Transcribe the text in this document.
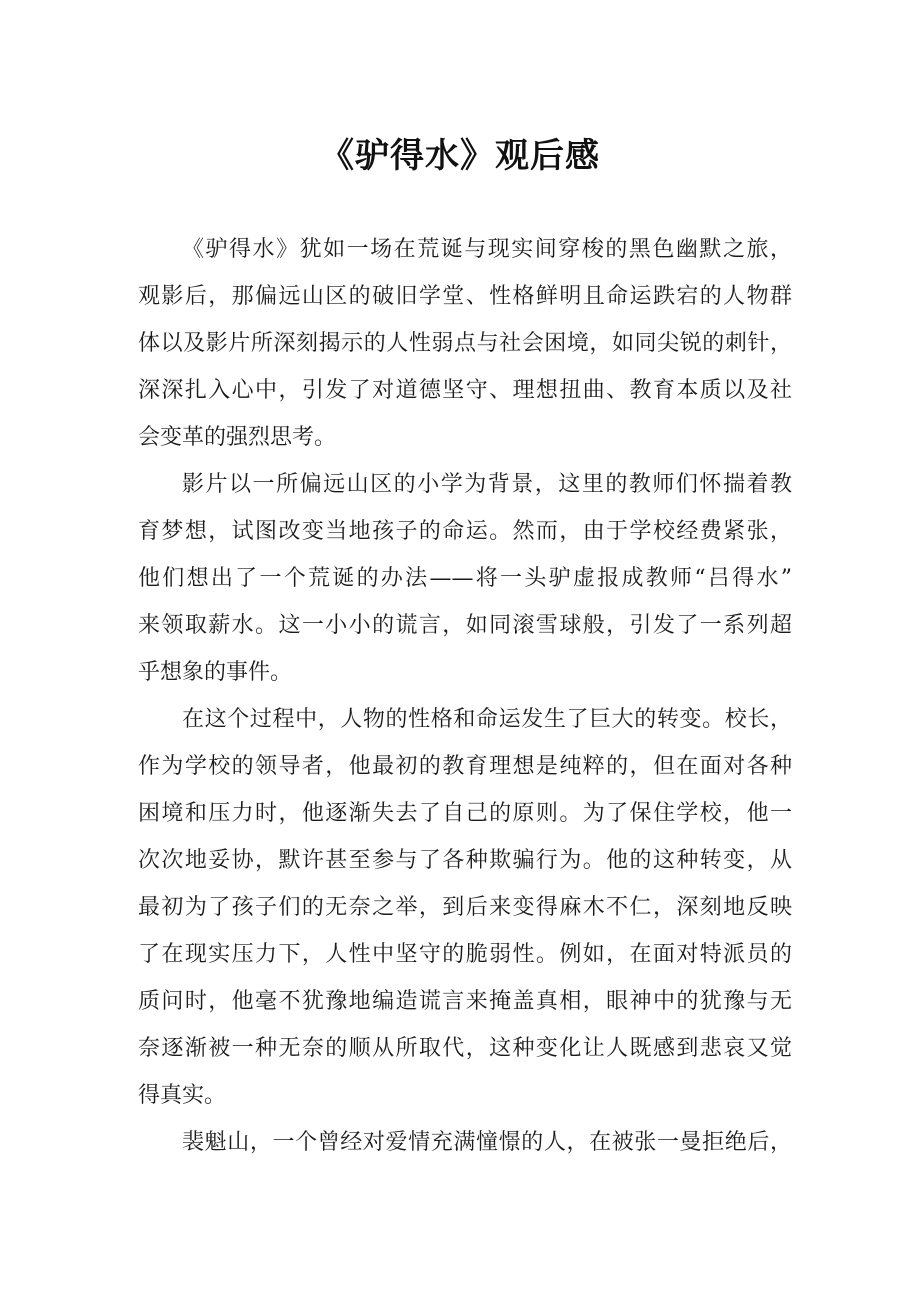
《驴得水》观后感
《驴得水》犹如一场在荒诞与现实间穿梭的黑色幽默之旅，
观影后，那偏远山区的破旧学堂、性格鲜明且命运跌宕的人物群
体以及影片所深刻揭示的人性弱点与社会困境，如同尖锐的刺针，
深深扎入心中，引发了对道德坚守、理想扭曲、教育本质以及社
会变革的强烈思考。
影片以一所偏远山区的小学为背景，这里的教师们怀揣着教
育梦想，试图改变当地孩子的命运。然而，由于学校经费紧张，
他们想出了一个荒诞的办法——将一头驴虚报成教师“吕得水”
来领取薪水。这一小小的谎言，如同滚雪球般，引发了一系列超
乎想象的事件。
在这个过程中，人物的性格和命运发生了巨大的转变。校长，
作为学校的领导者，他最初的教育理想是纯粹的，但在面对各种
困境和压力时，他逐渐失去了自己的原则。为了保住学校，他一
次次地妥协，默许甚至参与了各种欺骗行为。他的这种转变，从
最初为了孩子们的无奈之举，到后来变得麻木不仁，深刻地反映
了在现实压力下，人性中坚守的脆弱性。例如，在面对特派员的
质问时，他毫不犹豫地编造谎言来掩盖真相，眼神中的犹豫与无
奈逐渐被一种无奈的顺从所取代，这种变化让人既感到悲哀又觉
得真实。
裴魁山，一个曾经对爱情充满憧憬的人，在被张一曼拒绝后，
